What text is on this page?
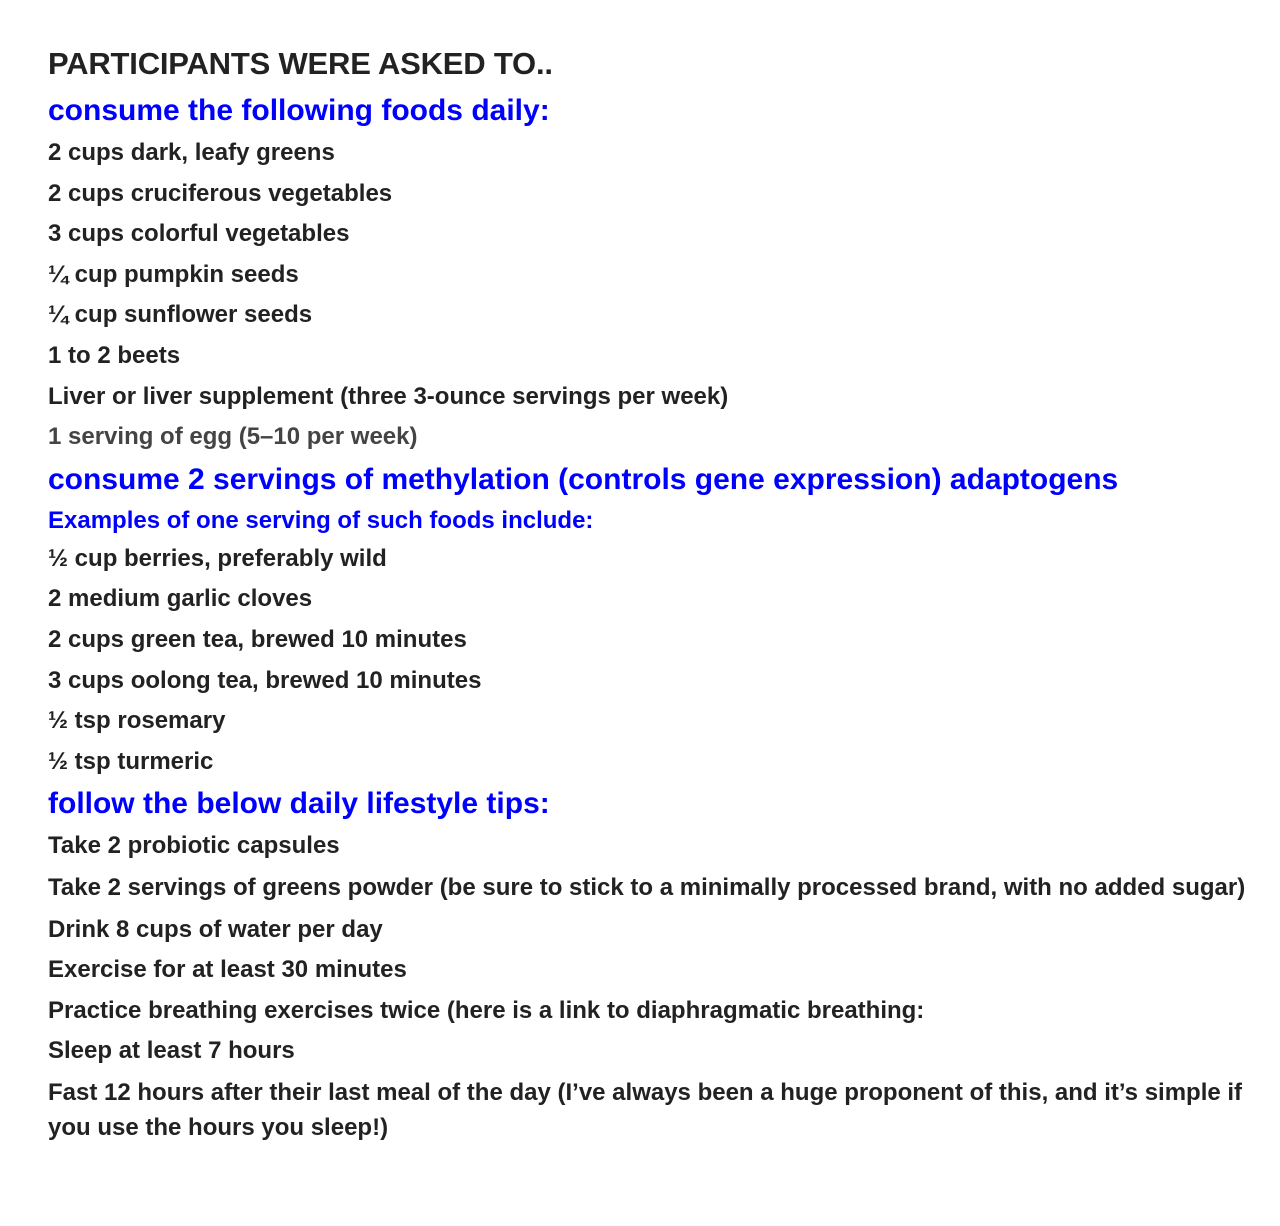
PARTICIPANTS WERE ASKED TO..
consume the following foods daily:
2 cups dark, leafy greens
2 cups cruciferous vegetables
3 cups colorful vegetables
¼ cup pumpkin seeds
¼ cup sunflower seeds
1 to 2 beets
Liver or liver supplement (three 3-ounce servings per week)
1 serving of egg (5–10 per week)
consume 2 servings of methylation (controls gene expression) adaptogens
Examples of one serving of such foods include:
½ cup berries, preferably wild
2 medium garlic cloves
2 cups green tea, brewed 10 minutes
3 cups oolong tea, brewed 10 minutes
½ tsp rosemary
½ tsp turmeric
follow the below daily lifestyle tips:
Take 2 probiotic capsules
Take 2 servings of greens powder (be sure to stick to a minimally processed brand, with no added sugar)
Drink 8 cups of water per day
Exercise for at least 30 minutes
Practice breathing exercises twice (here is a link to diaphragmatic breathing:
Sleep at least 7 hours
Fast 12 hours after their last meal of the day (I’ve always been a huge proponent of this, and it’s simple if you use the hours you sleep!)
